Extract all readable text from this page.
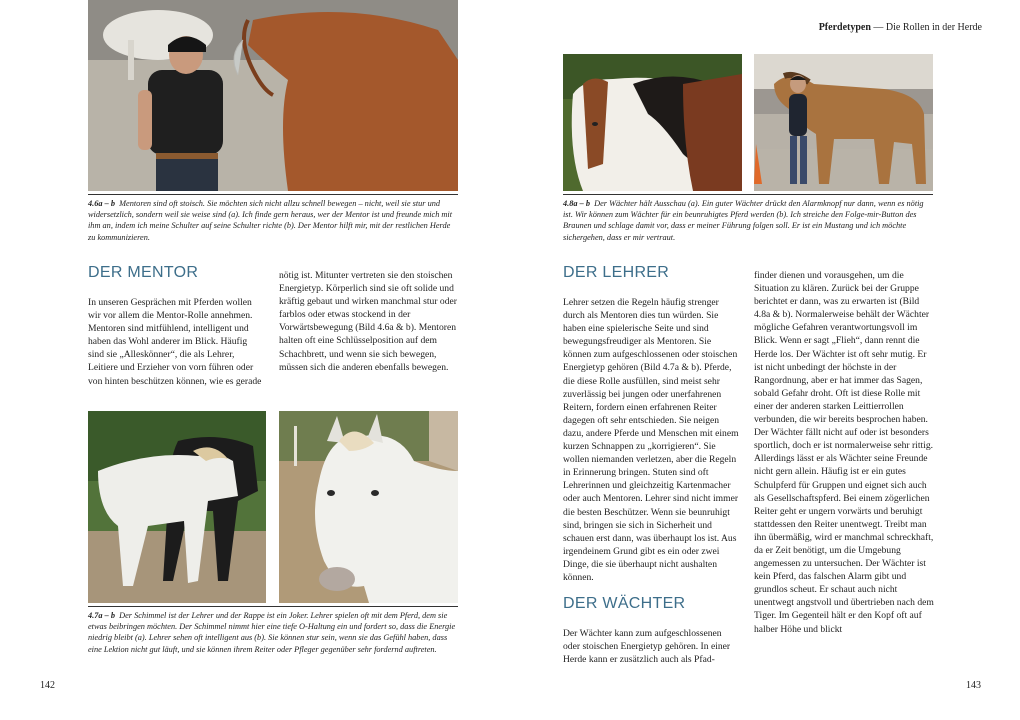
4.6a – b Mentoren sind oft stoisch. Sie möchten sich nicht allzu schnell bewegen – nicht, weil sie stur und widersetzlich, sondern weil sie weise sind (a). Ich finde gern heraus, wer der Mentor ist und freunde mich mit ihm an, indem ich meine Schulter auf seine Schulter richte (b). Der Mentor hilft mir, mit der restlichen Herde zu kommunizieren.
DER MENTOR
In unseren Gesprächen mit Pferden wollen wir vor allem die Mentor-Rolle annehmen. Mentoren sind mitfühlend, intelligent und haben das Wohl anderer im Blick. Häufig sind sie „Alleskönner“, die als Lehrer, Leitiere und Erzieher von vorn führen oder von hinten beschützen können, wie es gerade
nötig ist. Mitunter vertreten sie den stoischen Energietyp. Körperlich sind sie oft solide und kräftig gebaut und wirken manchmal stur oder farblos oder etwas stockend in der Vorwärtsbewegung (Bild 4.6a & b). Mentoren halten oft eine Schlüsselposition auf dem Schachbrett, und wenn sie sich bewegen, müssen sich die anderen ebenfalls bewegen.
4.7a – b Der Schimmel ist der Lehrer und der Rappe ist ein Joker. Lehrer spielen oft mit dem Pferd, dem sie etwas beibringen möchten. Der Schimmel nimmt hier eine tiefe O-Haltung ein und fordert so, dass die Energie niedrig bleibt (a). Lehrer sehen oft intelligent aus (b). Sie können stur sein, wenn sie das Gefühl haben, dass eine Lektion nicht gut läuft, und sie können ihrem Reiter oder Pfleger gegenüber sehr fordernd auftreten.
142
Pferdetypen — Die Rollen in der Herde
4.8a – b Der Wächter hält Ausschau (a). Ein guter Wächter drückt den Alarmknopf nur dann, wenn es nötig ist. Wir können zum Wächter für ein beunruhigtes Pferd werden (b). Ich streiche den Folge-mir-Button des Braunen und schlage damit vor, dass er meiner Führung folgen soll. Er ist ein Mustang und ich möchte sichergehen, dass er mir vertraut.
DER LEHRER
Lehrer setzen die Regeln häufig strenger durch als Mentoren dies tun würden. Sie haben eine spielerische Seite und sind bewegungsfreudiger als Mentoren. Sie können zum aufgeschlossenen oder stoischen Energietyp gehören (Bild 4.7a & b). Pferde, die diese Rolle ausfüllen, sind meist sehr zuverlässig bei jungen oder unerfahrenen Reitern, fordern einen erfahrenen Reiter dagegen oft sehr entschieden. Sie neigen dazu, andere Pferde und Menschen mit einem kurzen Schnappen zu „korrigieren“. Sie wollen niemanden verletzen, aber die Regeln in Erinnerung bringen. Stuten sind oft Lehrerinnen und gleichzeitig Kartenmacher oder auch Mentoren. Lehrer sind nicht immer die besten Beschützer. Wenn sie beunruhigt sind, bringen sie sich in Sicherheit und schauen erst dann, was überhaupt los ist. Aus irgendeinem Grund gibt es ein oder zwei Dinge, die sie überhaupt nicht aushalten können.
DER WÄCHTER
Der Wächter kann zum aufgeschlossenen oder stoischen Energietyp gehören. In einer Herde kann er zusätzlich auch als Pfad-
finder dienen und vorausgehen, um die Situation zu klären. Zurück bei der Gruppe berichtet er dann, was zu erwarten ist (Bild 4.8a & b). Normalerweise behält der Wächter mögliche Gefahren verantwortungsvoll im Blick. Wenn er sagt „Flieh“, dann rennt die Herde los. Der Wächter ist oft sehr mutig. Er ist nicht unbedingt der höchste in der Rangordnung, aber er hat immer das Sagen, sobald Gefahr droht. Oft ist diese Rolle mit einer der anderen starken Leittierrollen verbunden, die wir bereits besprochen haben. Der Wächter fällt nicht auf oder ist besonders sportlich, doch er ist normalerweise sehr rittig. Allerdings lässt er als Wächter seine Freunde nicht gern allein. Häufig ist er ein gutes Schulpferd für Gruppen und eignet sich auch als Gesellschaftspferd. Bei einem zögerlichen Reiter geht er ungern vorwärts und beruhigt stattdessen den Reiter unentwegt. Treibt man ihn übermäßig, wird er manchmal schreckhaft, da er Zeit benötigt, um die Umgebung angemessen zu untersuchen. Der Wächter ist kein Pferd, das falschen Alarm gibt und grundlos scheut. Er schaut auch nicht unentwegt angstvoll und übertrieben nach dem Tiger. Im Gegenteil hält er den Kopf oft auf halber Höhe und blickt
143
